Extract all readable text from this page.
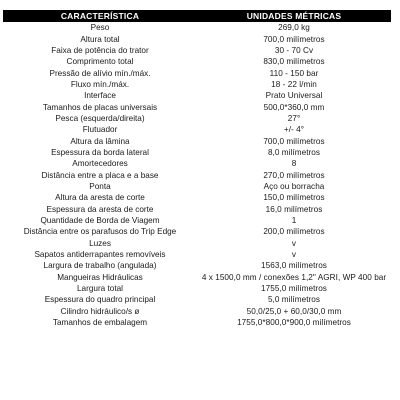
CARACTERÍSTICA	UNIDADES MÉTRICAS
Peso	269,0 kg
Altura total	700,0 milímetros
Faixa de potência do trator	30 - 70 Cv
Comprimento total	830,0 milímetros
Pressão de alívio mín./máx.	110 - 150 bar
Fluxo mín./máx.	18 - 22 l/min
Interface	Prato Universal
Tamanhos de placas universais	500,0*360,0 mm
Pesca (esquerda/direita)	27°
Flutuador	+/- 4°
Altura da lâmina	700,0 milímetros
Espessura da borda lateral	8,0 milímetros
Amortecedores	8
Distância entre a placa e a base	270,0 milímetros
Ponta	Aço ou borracha
Altura da aresta de corte	150,0 milímetros
Espessura da aresta de corte	16,0 milímetros
Quantidade de Borda de Viagem	1
Distância entre os parafusos do Trip Edge	200,0 milímetros
Luzes	v
Sapatos antiderrapantes removíveis	v
Largura de trabalho (angulada)	1563,0 milímetros
Mangueiras Hidráulicas	4 x 1500,0 mm / conexões 1,2" AGRI, WP 400 bar
Largura total	1755,0 milímetros
Espessura do quadro principal	5,0 milímetros
Cilindro hidráulico/s ø	50,0/25,0 + 60,0/30,0 mm
Tamanhos de embalagem	1755,0*800,0*900,0 milímetros
